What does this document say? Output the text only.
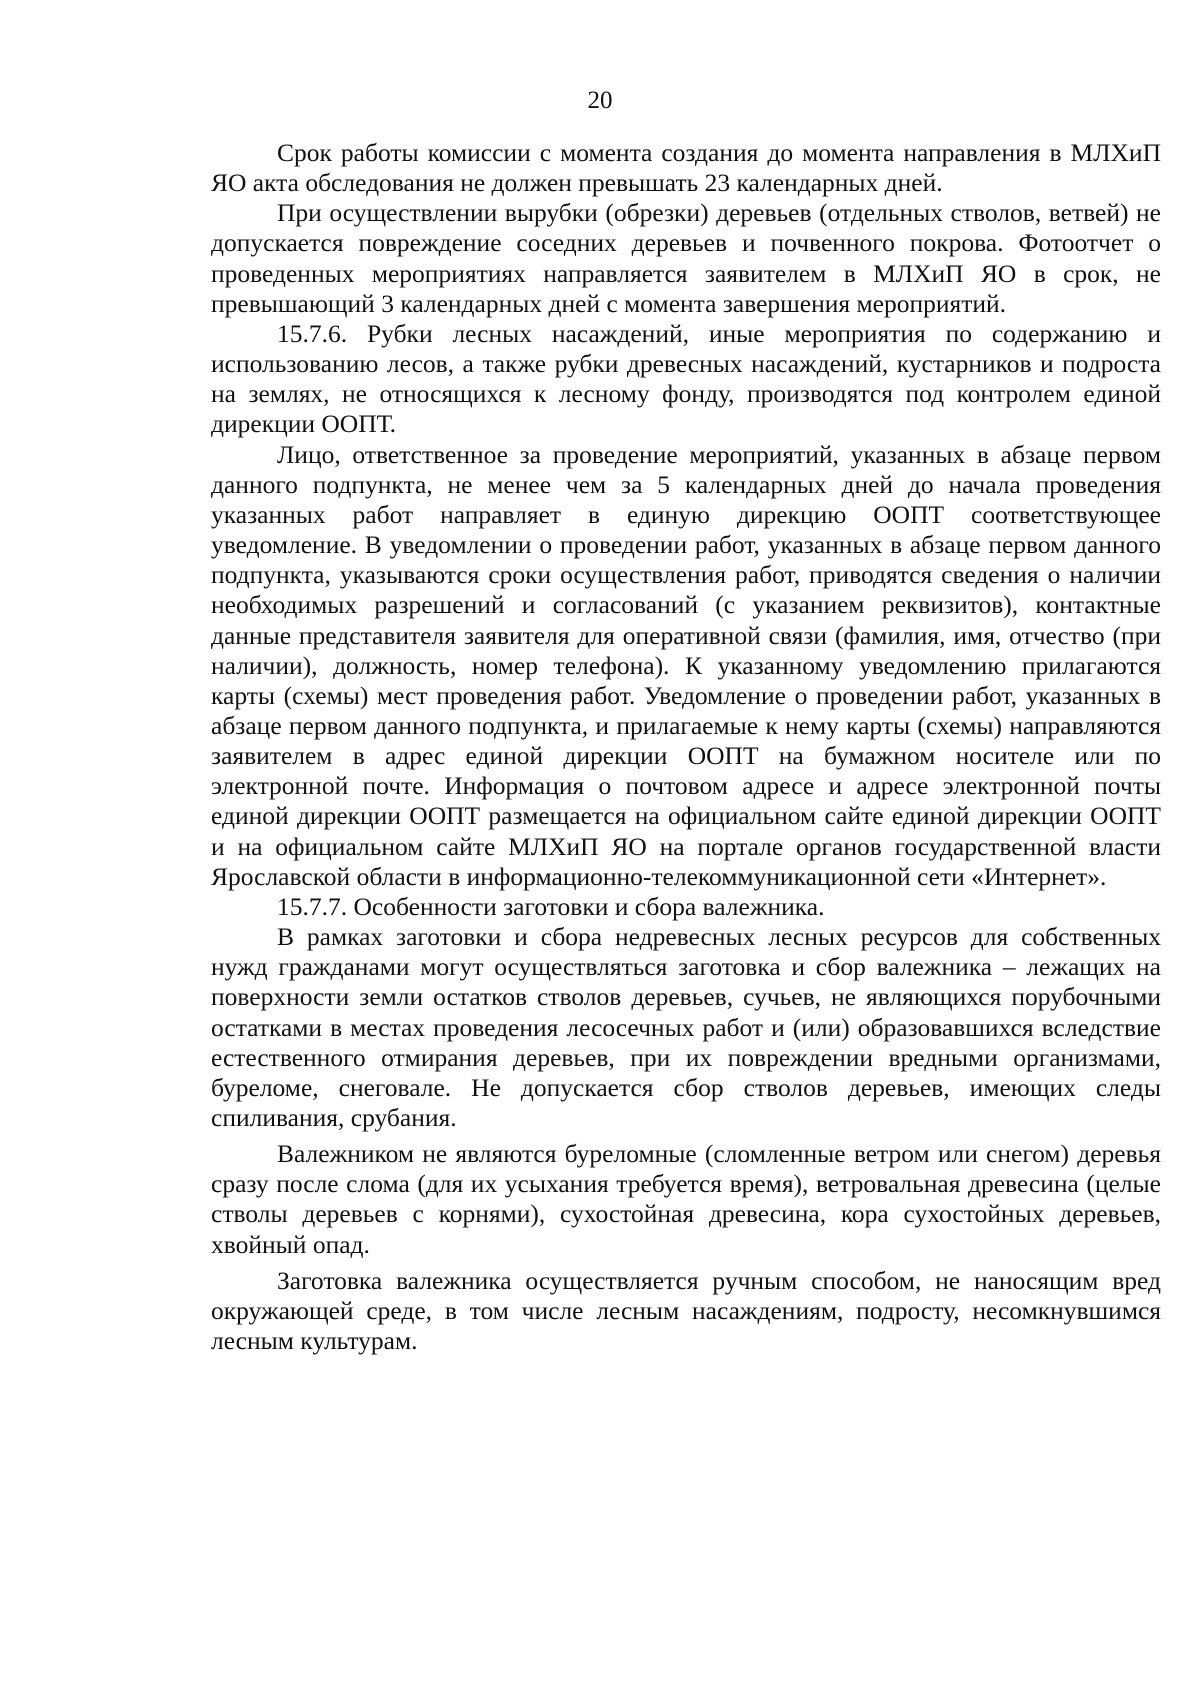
20

Срок работы комиссии с момента создания до момента направления в МЛХиП ЯО акта обследования не должен превышать 23 календарных дней.

При осуществлении вырубки (обрезки) деревьев (отдельных стволов, ветвей) не допускается повреждение соседних деревьев и почвенного покрова. Фотоотчет о проведенных мероприятиях направляется заявителем в МЛХиП ЯО в срок, не превышающий 3 календарных дней с момента завершения мероприятий.

15.7.6. Рубки лесных насаждений, иные мероприятия по содержанию и использованию лесов, а также рубки древесных насаждений, кустарников и подроста на землях, не относящихся к лесному фонду, производятся под контролем единой дирекции ООПТ.

Лицо, ответственное за проведение мероприятий, указанных в абзаце первом данного подпункта, не менее чем за 5 календарных дней до начала проведения указанных работ направляет в единую дирекцию ООПТ соответствующее уведомление. В уведомлении о проведении работ, указанных в абзаце первом данного подпункта, указываются сроки осуществления работ, приводятся сведения о наличии необходимых разрешений и согласований (с указанием реквизитов), контактные данные представителя заявителя для оперативной связи (фамилия, имя, отчество (при наличии), должность, номер телефона). К указанному уведомлению прилагаются карты (схемы) мест проведения работ. Уведомление о проведении работ, указанных в абзаце первом данного подпункта, и прилагаемые к нему карты (схемы) направляются заявителем в адрес единой дирекции ООПТ на бумажном носителе или по электронной почте. Информация о почтовом адресе и адресе электронной почты единой дирекции ООПТ размещается на официальном сайте единой дирекции ООПТ и на официальном сайте МЛХиП ЯО на портале органов государственной власти Ярославской области в информационно-телекоммуникационной сети «Интернет».

15.7.7. Особенности заготовки и сбора валежника.

В рамках заготовки и сбора недревесных лесных ресурсов для собственных нужд гражданами могут осуществляться заготовка и сбор валежника – лежащих на поверхности земли остатков стволов деревьев, сучьев, не являющихся порубочными остатками в местах проведения лесосечных работ и (или) образовавшихся вследствие естественного отмирания деревьев, при их повреждении вредными организмами, буреломе, снеговале. Не допускается сбор стволов деревьев, имеющих следы спиливания, срубания.

Валежником не являются буреломные (сломленные ветром или снегом) деревья сразу после слома (для их усыхания требуется время), ветровальная древесина (целые стволы деревьев с корнями), сухостойная древесина, кора сухостойных деревьев, хвойный опад.

Заготовка валежника осуществляется ручным способом, не наносящим вред окружающей среде, в том числе лесным насаждениям, подросту, несомкнувшимся лесным культурам.
